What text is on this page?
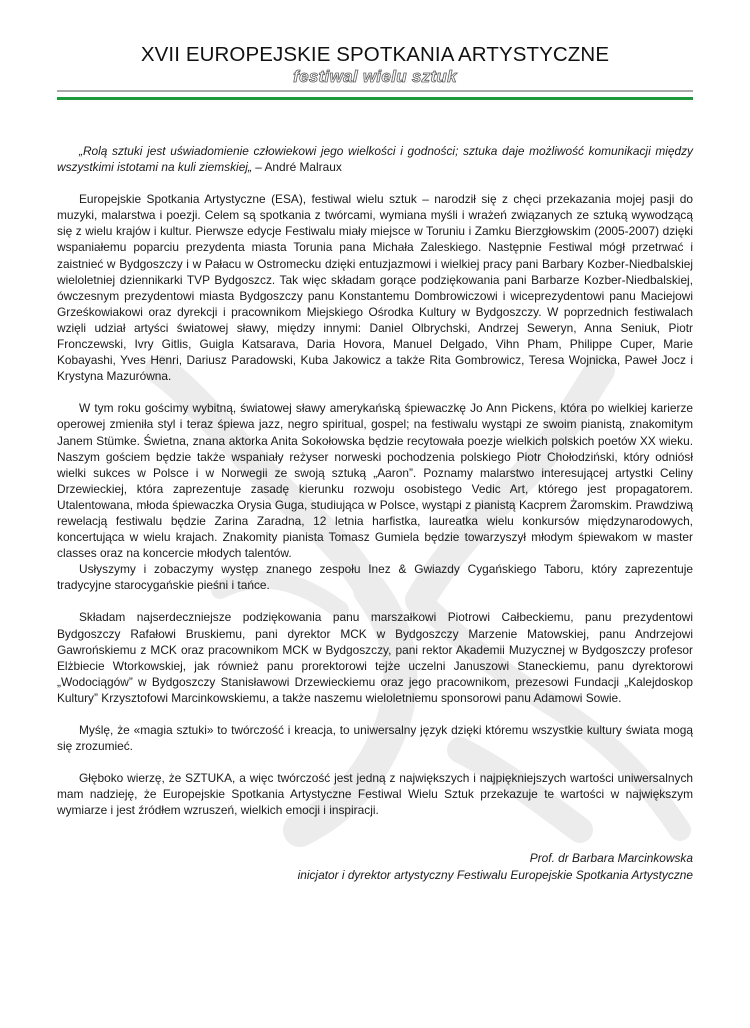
XVII EUROPEJSKIE SPOTKANIA ARTYSTYCZNE
festiwal wielu sztuk

„Rolą sztuki jest uświadomienie człowiekowi jego wielkości i godności; sztuka daje możliwość komunikacji między wszystkimi istotami na kuli ziemskiej„ – André Malraux

Europejskie Spotkania Artystyczne (ESA), festiwal wielu sztuk – narodził się z chęci przekazania mojej pasji do muzyki, malarstwa i poezji. Celem są spotkania z twórcami, wymiana myśli i wrażeń związanych ze sztuką wywodzącą się z wielu krajów i kultur. Pierwsze edycje Festiwalu miały miejsce w Toruniu i Zamku Bierzgłowskim (2005-2007) dzięki wspaniałemu poparciu prezydenta miasta Torunia pana Michała Zaleskiego. Następnie Festiwal mógł przetrwać i zaistnieć w Bydgoszczy i w Pałacu w Ostromecku dzięki entuzjazmowi i wielkiej pracy pani Barbary Kozber-Niedbalskiej wieloletniej dziennikarki TVP Bydgoszcz. Tak więc składam gorące podziękowania pani Barbarze Kozber-Niedbalskiej, ówczesnym prezydentowi miasta Bydgoszczy panu Konstantemu Dombrowiczowi i wiceprezydentowi panu Maciejowi Grześkowiakowi oraz dyrekcji i pracownikom Miejskiego Ośrodka Kultury w Bydgoszczy. W poprzednich festiwalach wzięli udział artyści światowej sławy, między innymi: Daniel Olbrychski, Andrzej Seweryn, Anna Seniuk, Piotr Fronczewski, Ivry Gitlis, Guigla Katsarava, Daria Hovora, Manuel Delgado, Vihn Pham, Philippe Cuper, Marie Kobayashi, Yves Henri, Dariusz Paradowski, Kuba Jakowicz a także Rita Gombrowicz, Teresa Wojnicka, Paweł Jocz i Krystyna Mazurówna.

W tym roku gościmy wybitną, światowej sławy amerykańską śpiewaczkę Jo Ann Pickens, która po wielkiej karierze operowej zmieniła styl i teraz śpiewa jazz, negro spiritual, gospel; na festiwalu wystąpi ze swoim pianistą, znakomitym Janem Stümke. Świetna, znana aktorka Anita Sokołowska będzie recytowała poezje wielkich polskich poetów XX wieku. Naszym gościem będzie także wspaniały reżyser norweski pochodzenia polskiego Piotr Chołodziński, który odniósł wielki sukces w Polsce i w Norwegii ze swoją sztuką „Aaron”. Poznamy malarstwo interesującej artystki Celiny Drzewieckiej, która zaprezentuje zasadę kierunku rozwoju osobistego Vedic Art, którego jest propagatorem. Utalentowana, młoda śpiewaczka Orysia Guga, studiująca w Polsce, wystąpi z pianistą Kacprem Żaromskim. Prawdziwą rewelacją festiwalu będzie Zarina Zaradna, 12 letnia harfistka, laureatka wielu konkursów międzynarodowych, koncertująca w wielu krajach. Znakomity pianista Tomasz Gumiela będzie towarzyszył młodym śpiewakom w master classes oraz na koncercie młodych talentów.

Usłyszymy i zobaczymy występ znanego zespołu Inez & Gwiazdy Cygańskiego Taboru, który zaprezentuje tradycyjne starocygańskie pieśni i tańce.

Składam najserdeczniejsze podziękowania panu marszałkowi Piotrowi Całbeckiemu, panu prezydentowi Bydgoszczy Rafałowi Bruskiemu, pani dyrektor MCK w Bydgoszczy Marzenie Matowskiej, panu Andrzejowi Gawrońskiemu z MCK oraz pracownikom MCK w Bydgoszczy, pani rektor Akademii Muzycznej w Bydgoszczy profesor Elżbiecie Wtorkowskiej, jak również panu prorektorowi tejże uczelni Januszowi Staneckiemu, panu dyrektorowi „Wodociągów” w Bydgoszczy Stanisławowi Drzewieckiemu oraz jego pracownikom, prezesowi Fundacji „Kalejdoskop Kultury” Krzysztofowi Marcinkowskiemu, a także naszemu wieloletniemu sponsorowi panu Adamowi Sowie.

Myślę, że «magia sztuki» to twórczość i kreacja, to uniwersalny język dzięki któremu wszystkie kultury świata mogą się zrozumieć.

Głęboko wierzę, że SZTUKA, a więc twórczość jest jedną z największych i najpiękniejszych wartości uniwersalnych mam nadzieję, że Europejskie Spotkania Artystyczne Festiwal Wielu Sztuk przekazuje te wartości w największym wymiarze i jest źródłem wzruszeń, wielkich emocji i inspiracji.

Prof. dr Barbara Marcinkowska
inicjator i dyrektor artystyczny Festiwalu Europejskie Spotkania Artystyczne
